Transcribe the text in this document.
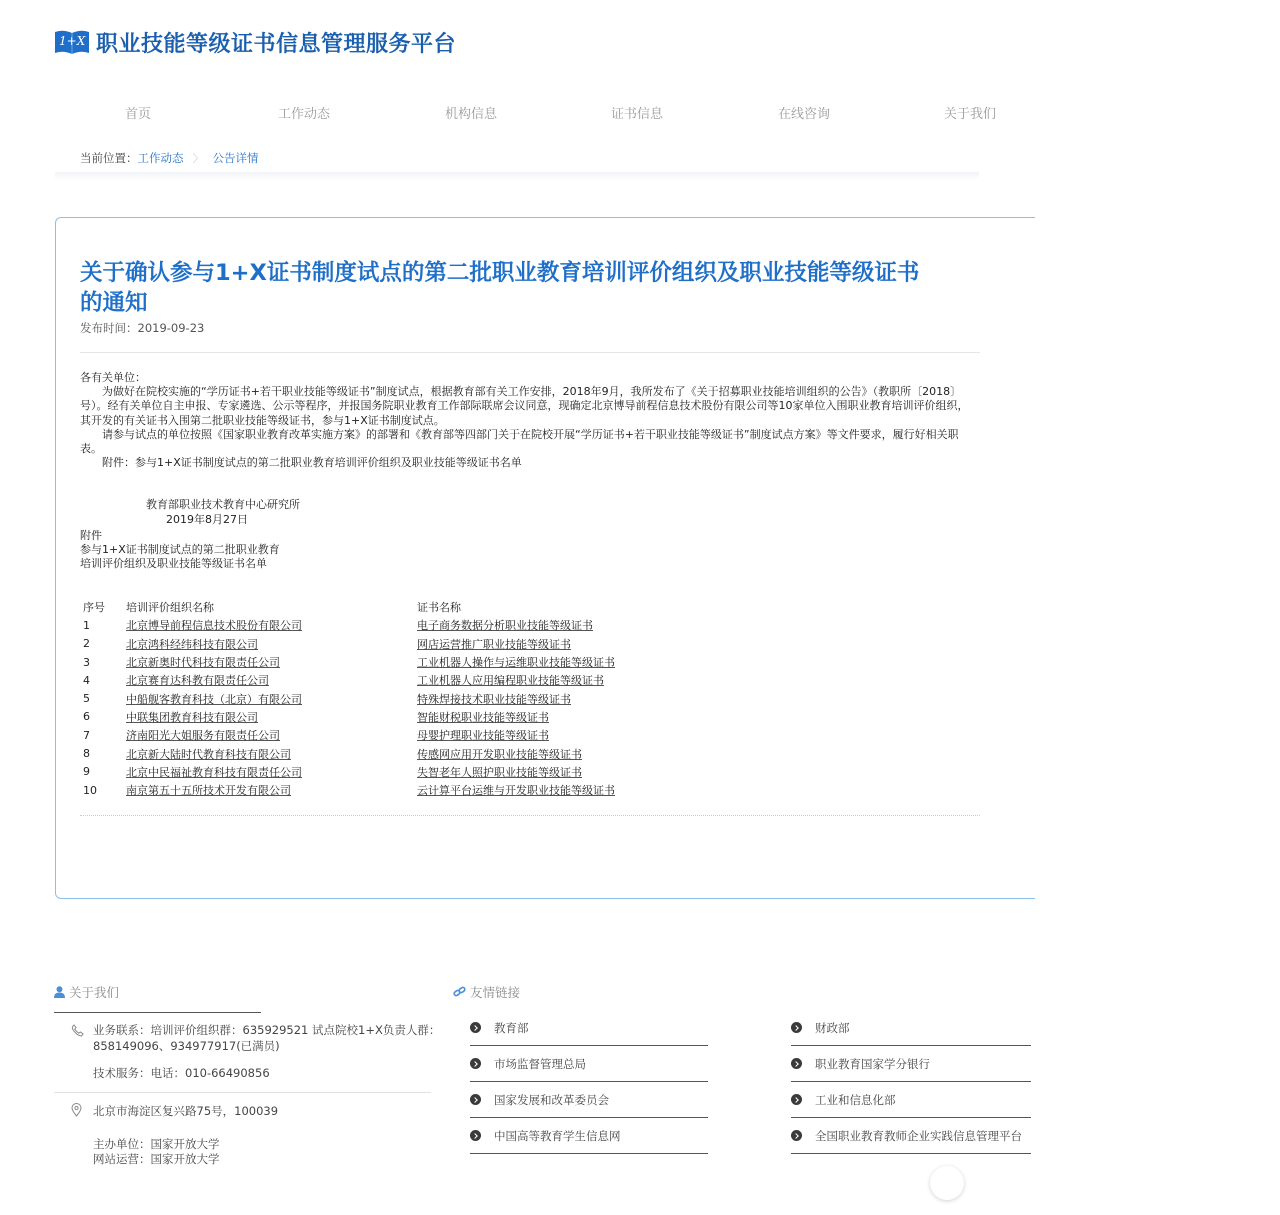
1+X 职业技能等级证书信息管理服务平台
首页	工作动态	机构信息	证书信息	在线咨询	关于我们
当前位置： 工作动态 〉 公告详情
关于确认参与1+X证书制度试点的第二批职业教育培训评价组织及职业技能等级证书
的通知
发布时间：2019-09-23

各有关单位：

　　为做好在院校实施的“学历证书+若干职业技能等级证书”制度试点，根据教育部有关工作安排，2018年9月，我所发布了《关于招募职业技能培训组织的公告》（教职所〔2018〕

号）。经有关单位自主申报、专家遴选、公示等程序，并报国务院职业教育工作部际联席会议同意，现确定北京博导前程信息技术股份有限公司等10家单位入围职业教育培训评价组织，

其开发的有关证书入围第二批职业技能等级证书，参与1+X证书制度试点。

　　请参与试点的单位按照《国家职业教育改革实施方案》的部署和《教育部等四部门关于在院校开展“学历证书+若干职业技能等级证书”制度试点方案》等文件要求，履行好相关职

表。

　　附件：参与1+X证书制度试点的第二批职业教育培训评价组织及职业技能等级证书名单

教育部职业技术教育中心研究所

2019年8月27日

附件

参与1+X证书制度试点的第二批职业教育

培训评价组织及职业技能等级证书名单

序号	培训评价组织名称	证书名称
1	北京博导前程信息技术股份有限公司	电子商务数据分析职业技能等级证书
2	北京鸿科经纬科技有限公司	网店运营推广职业技能等级证书
3	北京新奥时代科技有限责任公司	工业机器人操作与运维职业技能等级证书
4	北京赛育达科教有限责任公司	工业机器人应用编程职业技能等级证书
5	中船舰客教育科技（北京）有限公司	特殊焊接技术职业技能等级证书
6	中联集团教育科技有限公司	智能财税职业技能等级证书
7	济南阳光大姐服务有限责任公司	母婴护理职业技能等级证书
8	北京新大陆时代教育科技有限公司	传感网应用开发职业技能等级证书
9	北京中民福祉教育科技有限责任公司	失智老年人照护职业技能等级证书
10	南京第五十五所技术开发有限公司	云计算平台运维与开发职业技能等级证书
关于我们
业务联系：培训评价组织群：635929521 试点院校1+X负责人群：
858149096、934977917(已满员)
技术服务：电话：010-66490856
北京市海淀区复兴路75号，100039
主办单位：国家开放大学
网站运营：国家开放大学
友情链接
教育部
市场监督管理总局
国家发展和改革委员会
中国高等教育学生信息网
财政部
职业教育国家学分银行
工业和信息化部
全国职业教育教师企业实践信息管理平台
